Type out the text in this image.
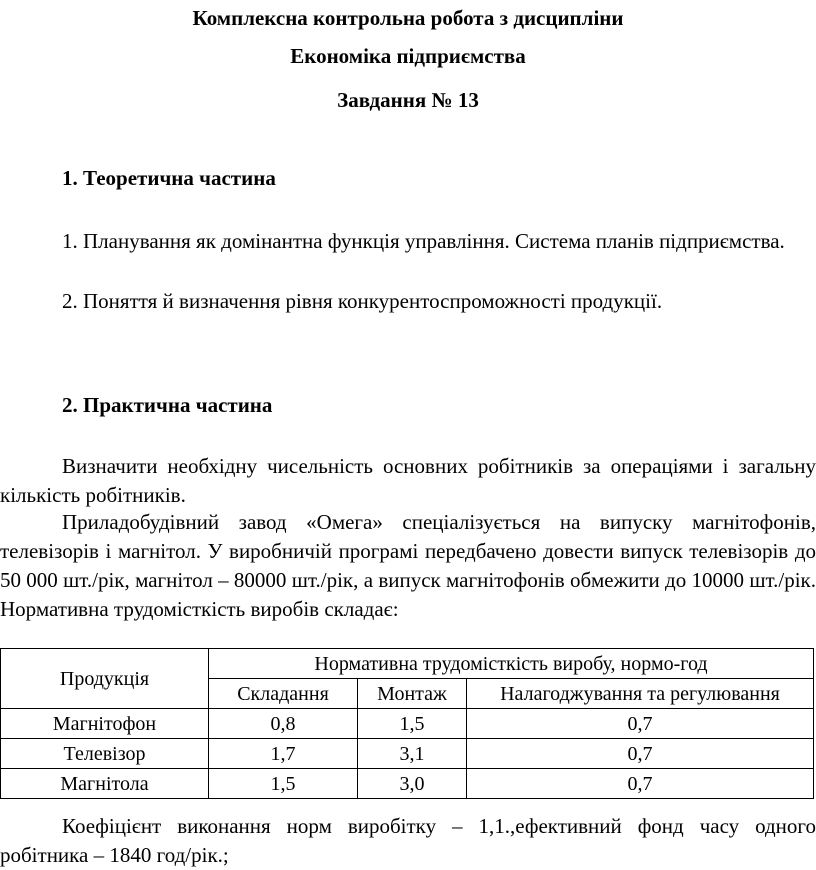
Комплексна контрольна робота з дисципліни
Економіка підприємства
Завдання № 13
1. Теоретична частина

1. Планування як домінантна функція управління. Система планів підприємства.

2. Поняття й визначення рівня конкурентоспроможності продукції.

2. Практична частина

Визначити необхідну чисельність основних робітників за операціями і загальну кількість робітників.

Приладобудівний завод «Омега» спеціалізується на випуску магнітофонів, телевізорів і магнітол. У виробничій програмі передбачено довести випуск телевізорів до 50 000 шт./рік, магнітол – 80000 шт./рік, а випуск магнітофонів обмежити до 10000 шт./рік. Нормативна трудомісткість виробів складає:

Продукція	Нормативна трудомісткість виробу, нормо-год		
	Складання	Монтаж	Налагоджування та регулювання
Магнітофон	0,8	1,5	0,7
Телевізор	1,7	3,1	0,7
Магнітола	1,5	3,0	0,7

Коефіцієнт виконання норм виробітку – 1,1.,ефективний фонд часу одного робітника – 1840 год/рік.;
